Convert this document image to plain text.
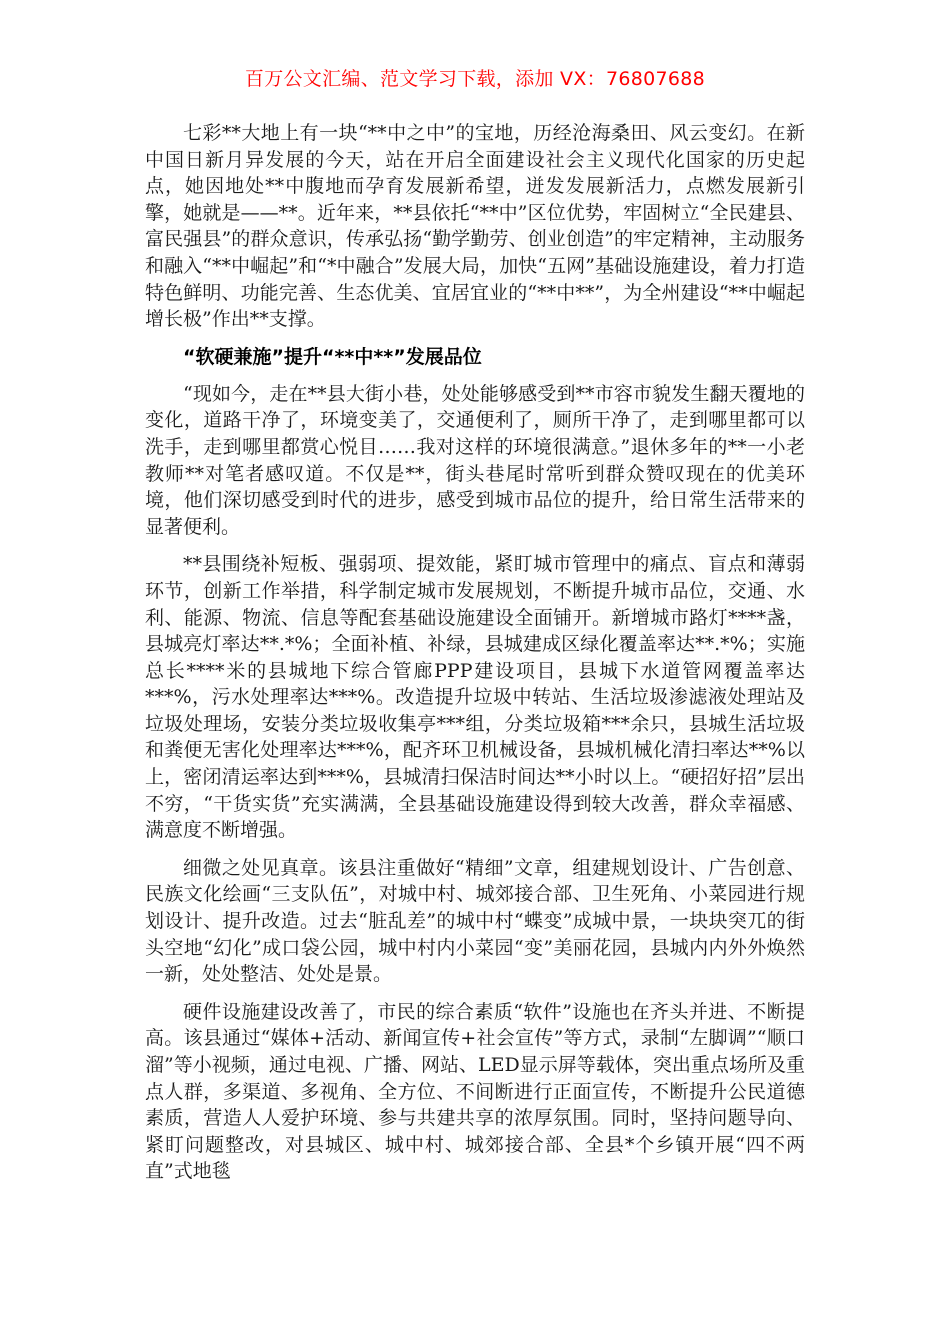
百万公文汇编、范文学习下载，添加 VX：76807688

七彩**大地上有一块“**中之中”的宝地，历经沧海桑田、风云变幻。在新中国日新月异发展的今天，站在开启全面建设社会主义现代化国家的历史起点，她因地处**中腹地而孕育发展新希望，迸发发展新活力，点燃发展新引擎，她就是——**。近年来，**县依托“**中”区位优势，牢固树立“全民建县、富民强县”的群众意识，传承弘扬“勤学勤劳、创业创造”的牢定精神，主动服务和融入“**中崛起”和“*中融合”发展大局，加快“五网”基础设施建设，着力打造特色鲜明、功能完善、生态优美、宜居宜业的“**中**”，为全州建设“**中崛起增长极”作出**支撑。

“软硬兼施”提升“**中**”发展品位

“现如今，走在**县大街小巷，处处能够感受到**市容市貌发生翻天覆地的变化，道路干净了，环境变美了，交通便利了，厕所干净了，走到哪里都可以洗手，走到哪里都赏心悦目……我对这样的环境很满意。”退休多年的**一小老教师**对笔者感叹道。不仅是**，街头巷尾时常听到群众赞叹现在的优美环境，他们深切感受到时代的进步，感受到城市品位的提升，给日常生活带来的显著便利。

**县围绕补短板、强弱项、提效能，紧盯城市管理中的痛点、盲点和薄弱环节，创新工作举措，科学制定城市发展规划，不断提升城市品位，交通、水利、能源、物流、信息等配套基础设施建设全面铺开。新增城市路灯****盏，县城亮灯率达**.*%；全面补植、补绿，县城建成区绿化覆盖率达**.*%；实施总长****米的县城地下综合管廊PPP建设项目，县城下水道管网覆盖率达***%，污水处理率达***%。改造提升垃圾中转站、生活垃圾渗滤液处理站及垃圾处理场，安装分类垃圾收集亭***组，分类垃圾箱***余只，县城生活垃圾和粪便无害化处理率达***%，配齐环卫机械设备，县城机械化清扫率达**%以上，密闭清运率达到***%，县城清扫保洁时间达**小时以上。“硬招好招”层出不穷，“干货实货”充实满满，全县基础设施建设得到较大改善，群众幸福感、满意度不断增强。

细微之处见真章。该县注重做好“精细”文章，组建规划设计、广告创意、民族文化绘画“三支队伍”，对城中村、城郊接合部、卫生死角、小菜园进行规划设计、提升改造。过去“脏乱差”的城中村“蝶变”成城中景，一块块突兀的街头空地“幻化”成口袋公园，城中村内小菜园“变”美丽花园，县城内内外外焕然一新，处处整洁、处处是景。

硬件设施建设改善了，市民的综合素质“软件”设施也在齐头并进、不断提高。该县通过“媒体+活动、新闻宣传+社会宣传”等方式，录制“左脚调”“顺口溜”等小视频，通过电视、广播、网站、LED显示屏等载体，突出重点场所及重点人群，多渠道、多视角、全方位、不间断进行正面宣传，不断提升公民道德素质，营造人人爱护环境、参与共建共享的浓厚氛围。同时，坚持问题导向、紧盯问题整改，对县城区、城中村、城郊接合部、全县*个乡镇开展“四不两直”式地毯
